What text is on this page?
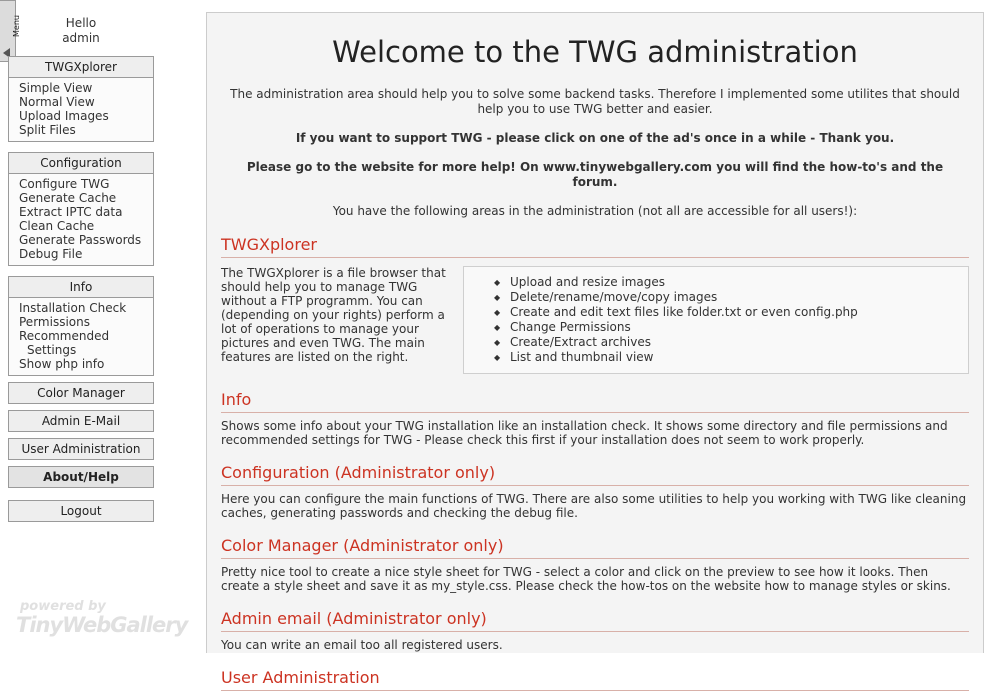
Menu	Hello
admin
TWGXplorer
Simple View
Normal View
Upload Images
Split Files
Configuration
Configure TWG
Generate Cache
Extract IPTC data
Clean Cache
Generate Passwords
Debug File
Info
Installation Check
Permissions
Recommended
Settings
Show php info
Color Manager
Admin E-Mail
User Administration
About/Help
Logout
powered by
TinyWebGallery
Welcome to the TWG administration

The administration area should help you to solve some backend tasks. Therefore I implemented some utilites that should help you to use TWG better and easier.

If you want to support TWG - please click on one of the ad's once in a while - Thank you.

Please go to the website for more help! On www.tinywebgallery.com you will find the how-to's and the forum.

You have the following areas in the administration (not all are accessible for all users!):

TWGXplorer
The TWGXplorer is a file browser that should help you to manage TWG without a FTP programm. You can (depending on your rights) perform a lot of operations to manage your pictures and even TWG. The main features are listed on the right.
◆ Upload and resize images
◆ Delete/rename/move/copy images
◆ Create and edit text files like folder.txt or even config.php
◆ Change Permissions
◆ Create/Extract archives
◆ List and thumbnail view
Info

Shows some info about your TWG installation like an installation check. It shows some directory and file permissions and recommended settings for TWG - Please check this first if your installation does not seem to work properly.

Configuration (Administrator only)

Here you can configure the main functions of TWG. There are also some utilities to help you working with TWG like cleaning caches, generating passwords and checking the debug file.

Color Manager (Administrator only)

Pretty nice tool to create a nice style sheet for TWG - select a color and click on the preview to see how it looks. Then create a style sheet and save it as my_style.css. Please check the how-tos on the website how to manage styles or skins.

Admin email (Administrator only)

You can write an email too all registered users.

User Administration
